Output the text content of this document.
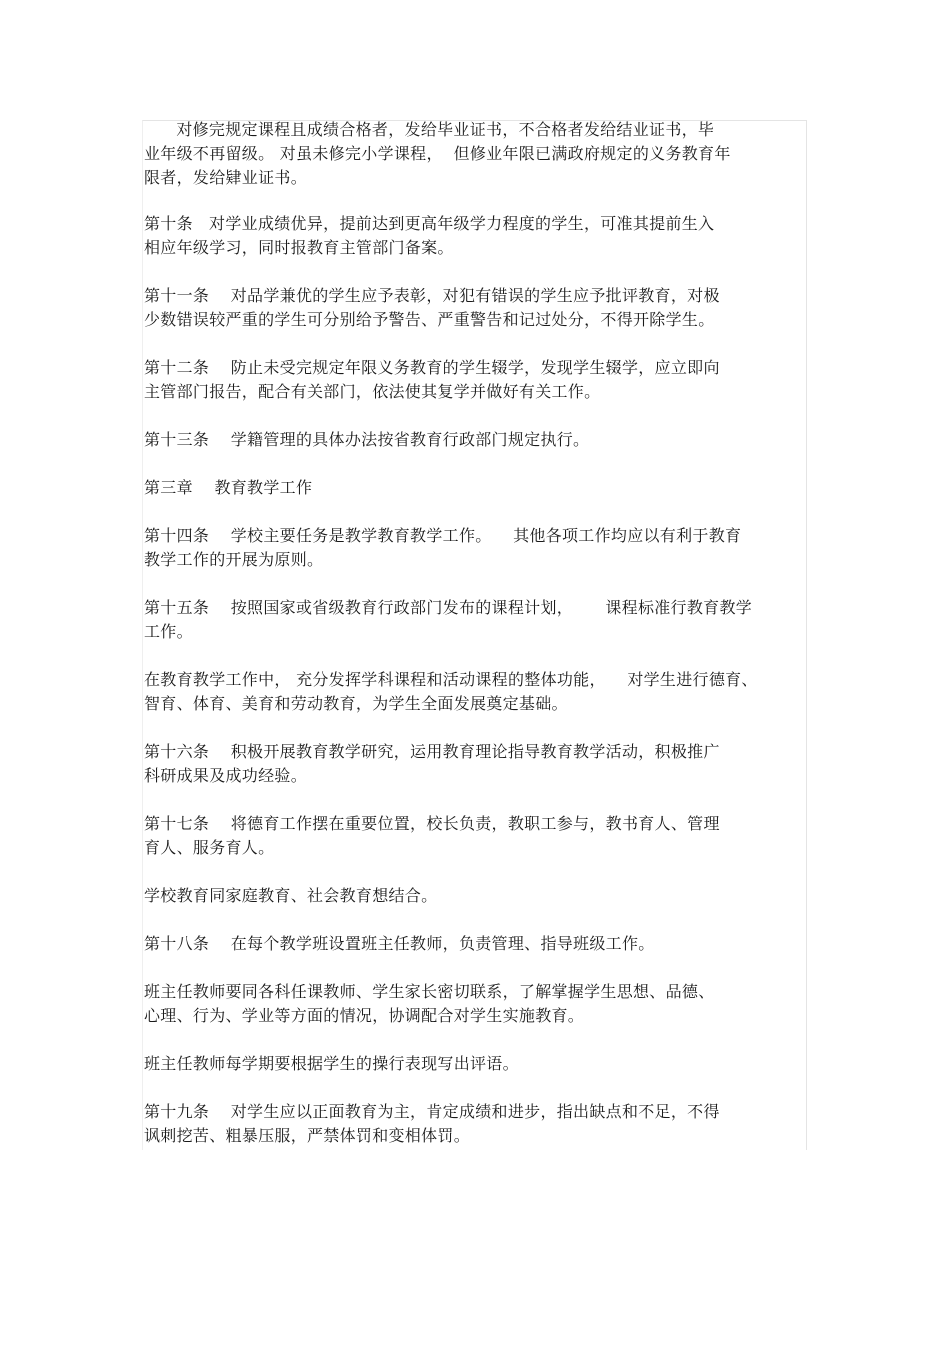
对修完规定课程且成绩合格者，发给毕业证书，不合格者发给结业证书，毕
业年级不再留级。 对虽未修完小学课程，  但修业年限已满政府规定的义务教育年
限者，发给肄业证书。

第十条   对学业成绩优异，提前达到更高年级学力程度的学生，可准其提前生入
相应年级学习，同时报教育主管部门备案。

第十一条    对品学兼优的学生应予表彰，对犯有错误的学生应予批评教育，对极
少数错误较严重的学生可分别给予警告、严重警告和记过处分，不得开除学生。

第十二条    防止未受完规定年限义务教育的学生辍学，发现学生辍学，应立即向
主管部门报告，配合有关部门，依法使其复学并做好有关工作。

第十三条    学籍管理的具体办法按省教育行政部门规定执行。

第三章    教育教学工作

第十四条    学校主要任务是教学教育教学工作。    其他各项工作均应以有利于教育
教学工作的开展为原则。

第十五条    按照国家或省级教育行政部门发布的课程计划，      课程标准行教育教学
工作。

在教育教学工作中， 充分发挥学科课程和活动课程的整体功能，    对学生进行德育、
智育、体育、美育和劳动教育，为学生全面发展奠定基础。

第十六条    积极开展教育教学研究，运用教育理论指导教育教学活动，积极推广
科研成果及成功经验。

第十七条    将德育工作摆在重要位置，校长负责，教职工参与，教书育人、管理
育人、服务育人。

学校教育同家庭教育、社会教育想结合。

第十八条    在每个教学班设置班主任教师，负责管理、指导班级工作。

班主任教师要同各科任课教师、学生家长密切联系，了解掌握学生思想、品德、
心理、行为、学业等方面的情况，协调配合对学生实施教育。

班主任教师每学期要根据学生的操行表现写出评语。

第十九条    对学生应以正面教育为主，肯定成绩和进步，指出缺点和不足，不得
讽刺挖苦、粗暴压服，严禁体罚和变相体罚。
